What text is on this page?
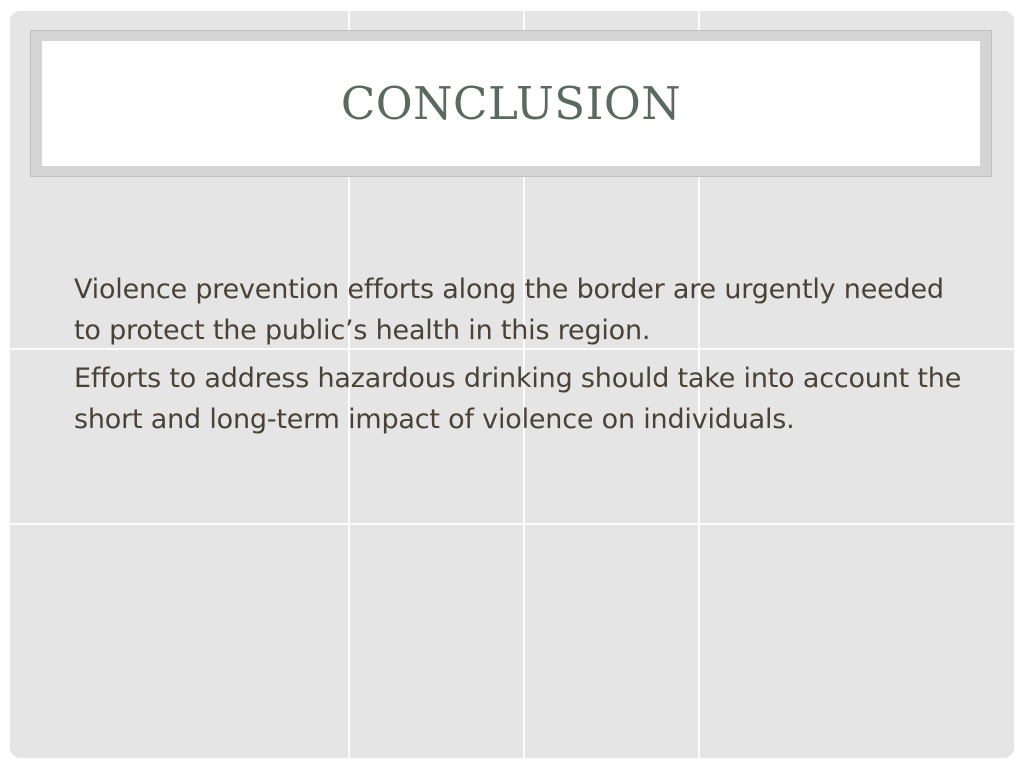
CONCLUSION

Violence prevention efforts along the border are urgently needed to protect the public’s health in this region.

Efforts to address hazardous drinking should take into account the short and long-term impact of violence on individuals.
